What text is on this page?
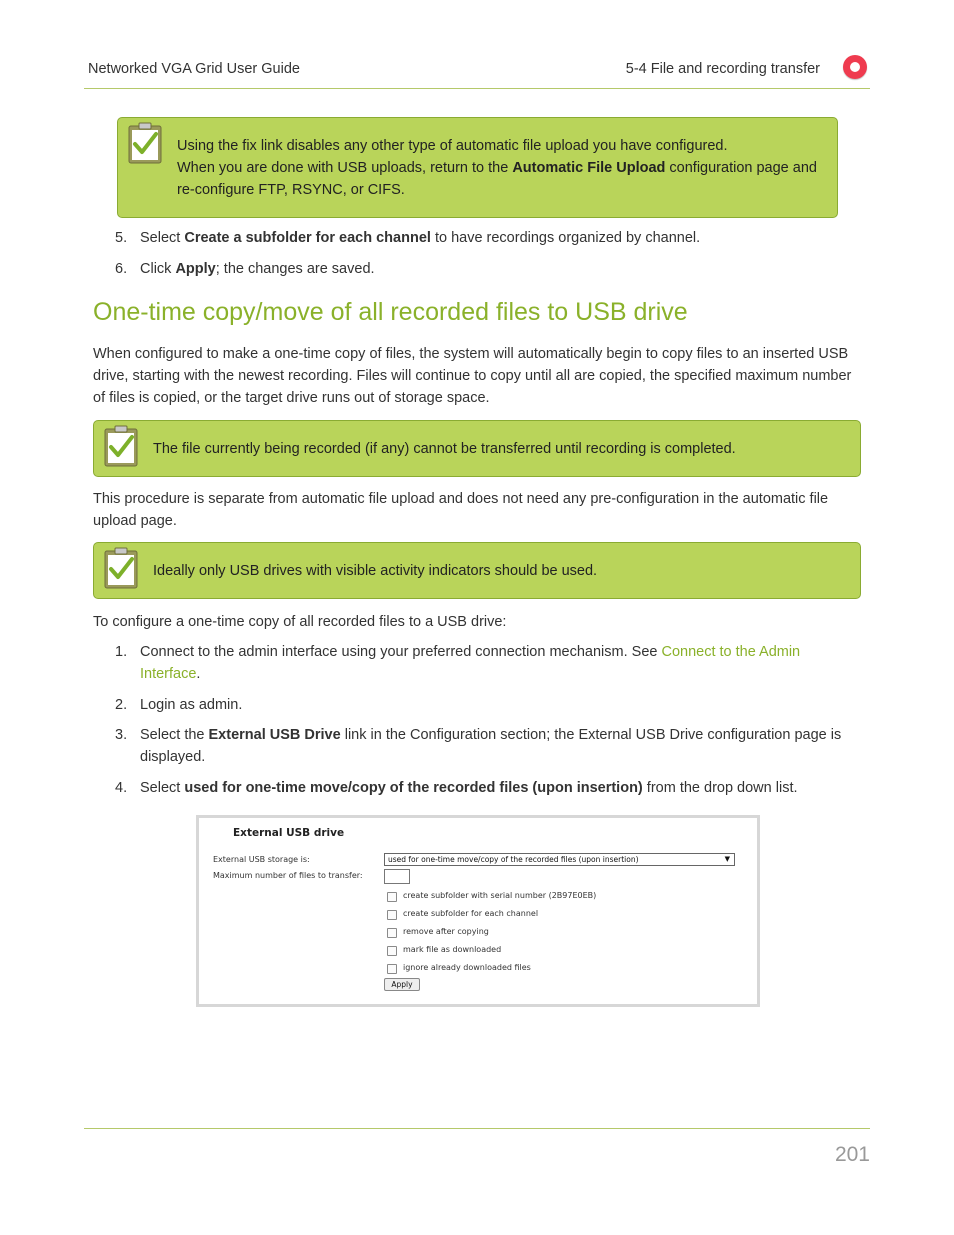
Networked VGA Grid User Guide	5-4 File and recording transfer
Using the fix link disables any other type of automatic file upload you have configured.
When you are done with USB uploads, return to the Automatic File Upload configuration page and re-configure FTP, RSYNC, or CIFS.
5. Select Create a subfolder for each channel to have recordings organized by channel.
6. Click Apply; the changes are saved.
One-time copy/move of all recorded files to USB drive
When configured to make a one-time copy of files, the system will automatically begin to copy files to an inserted USB drive, starting with the newest recording. Files will continue to copy until all are copied, the specified maximum number of files is copied, or the target drive runs out of storage space.
The file currently being recorded (if any) cannot be transferred until recording is completed.
This procedure is separate from automatic file upload and does not need any pre-configuration in the automatic file upload page.
Ideally only USB drives with visible activity indicators should be used.
To configure a one-time copy of all recorded files to a USB drive:
1. Connect to the admin interface using your preferred connection mechanism. See Connect to the Admin Interface.
2. Login as admin.
3. Select the External USB Drive link in the Configuration section; the External USB Drive configuration page is displayed.
4. Select used for one-time move/copy of the recorded files (upon insertion) from the drop down list.
External USB drive
External USB storage is:	used for one-time move/copy of the recorded files (upon insertion)	▼
Maximum number of files to transfer:
create subfolder with serial number (2B97E0EB)
create subfolder for each channel
remove after copying
mark file as downloaded
ignore already downloaded files
Apply
201
